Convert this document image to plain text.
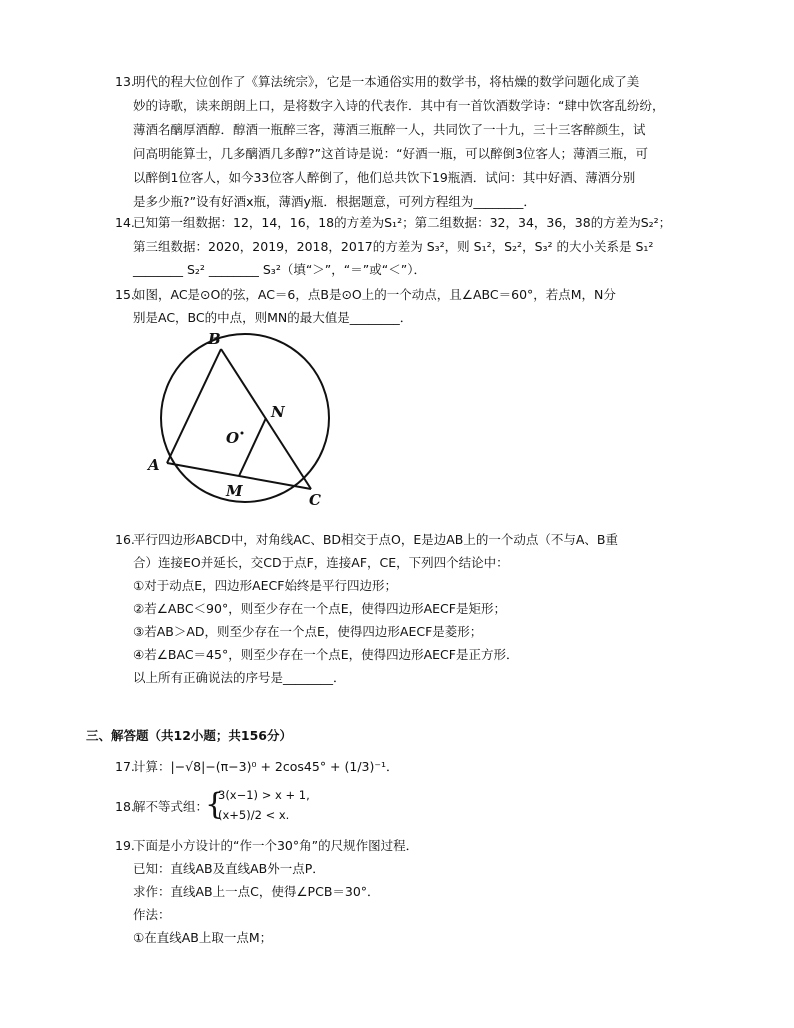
13.
明代的程大位创作了《算法统宗》，它是一本通俗实用的数学书，将枯燥的数学问题化成了美
妙的诗歌，读来朗朗上口，是将数字入诗的代表作．其中有一首饮酒数学诗：“肆中饮客乱纷纷，
薄酒名醨厚酒醇．醇酒一瓶醉三客，薄酒三瓶醉一人，共同饮了一十九，三十三客醉颜生，试
问高明能算士，几多醨酒几多醇?”这首诗是说：“好酒一瓶，可以醉倒3位客人；薄酒三瓶，可
以醉倒1位客人，如今33位客人醉倒了，他们总共饮下19瓶酒．试问：其中好酒、薄酒分别
是多少瓶?”设有好酒x瓶，薄酒y瓶．根据题意，可列方程组为________．
14.
已知第一组数据：12，14，16，18的方差为S₁²；第二组数据：32，34，36，38的方差为S₂²；
第三组数据：2020，2019，2018，2017的方差为 S₃²，则 S₁²，S₂²，S₃² 的大小关系是 S₁²
________ S₂² ________ S₃²（填“＞”，“＝”或“＜”）．
15.
如图，AC是⊙O的弦，AC＝6，点B是⊙O上的一个动点，且∠ABC＝60°，若点M，N分
别是AC，BC的中点，则MN的最大值是________．
B
N
O
A
M	C
16.
平行四边形ABCD中，对角线AC、BD相交于点O，E是边AB上的一个动点（不与A、B重
合）连接EO并延长，交CD于点F，连接AF，CE，下列四个结论中：
①对于动点E，四边形AECF始终是平行四边形；
②若∠ABC＜90°，则至少存在一个点E，使得四边形AECF是矩形；
③若AB＞AD，则至少存在一个点E，使得四边形AECF是菱形；
④若∠BAC＝45°，则至少存在一个点E，使得四边形AECF是正方形．
以上所有正确说法的序号是________．
三、解答题（共12小题；共156分）
17.
计算：|−√8|−(π−3)⁰ + 2cos45° + (1/3)⁻¹．
18.
解不等式组：
{
3(x−1) > x + 1,
(x+5)/2 < x.
19.
下面是小方设计的“作一个30°角”的尺规作图过程．
已知：直线AB及直线AB外一点P．
求作：直线AB上一点C，使得∠PCB＝30°．
作法：
①在直线AB上取一点M；
